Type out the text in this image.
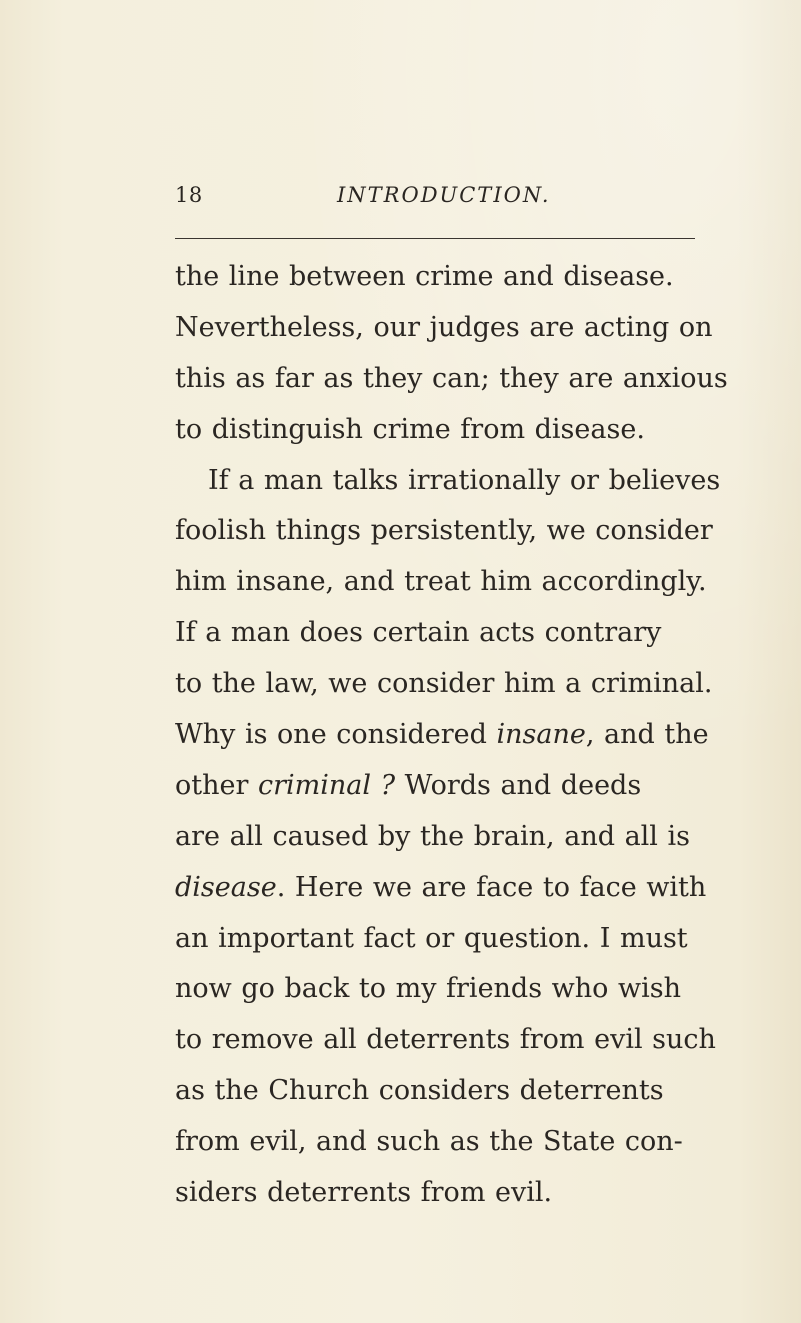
18	INTRODUCTION.
the line between crime and disease.
Nevertheless, our judges are acting on
this as far as they can; they are anxious
to distinguish crime from disease.
If a man talks irrationally or believes
foolish things persistently, we consider
him insane, and treat him accordingly.
If a man does certain acts contrary
to the law, we consider him a criminal.
Why is one considered insane, and the
other criminal ? Words and deeds
are all caused by the brain, and all is
disease. Here we are face to face with
an important fact or question. I must
now go back to my friends who wish
to remove all deterrents from evil such
as the Church considers deterrents
from evil, and such as the State con-
siders deterrents from evil.
